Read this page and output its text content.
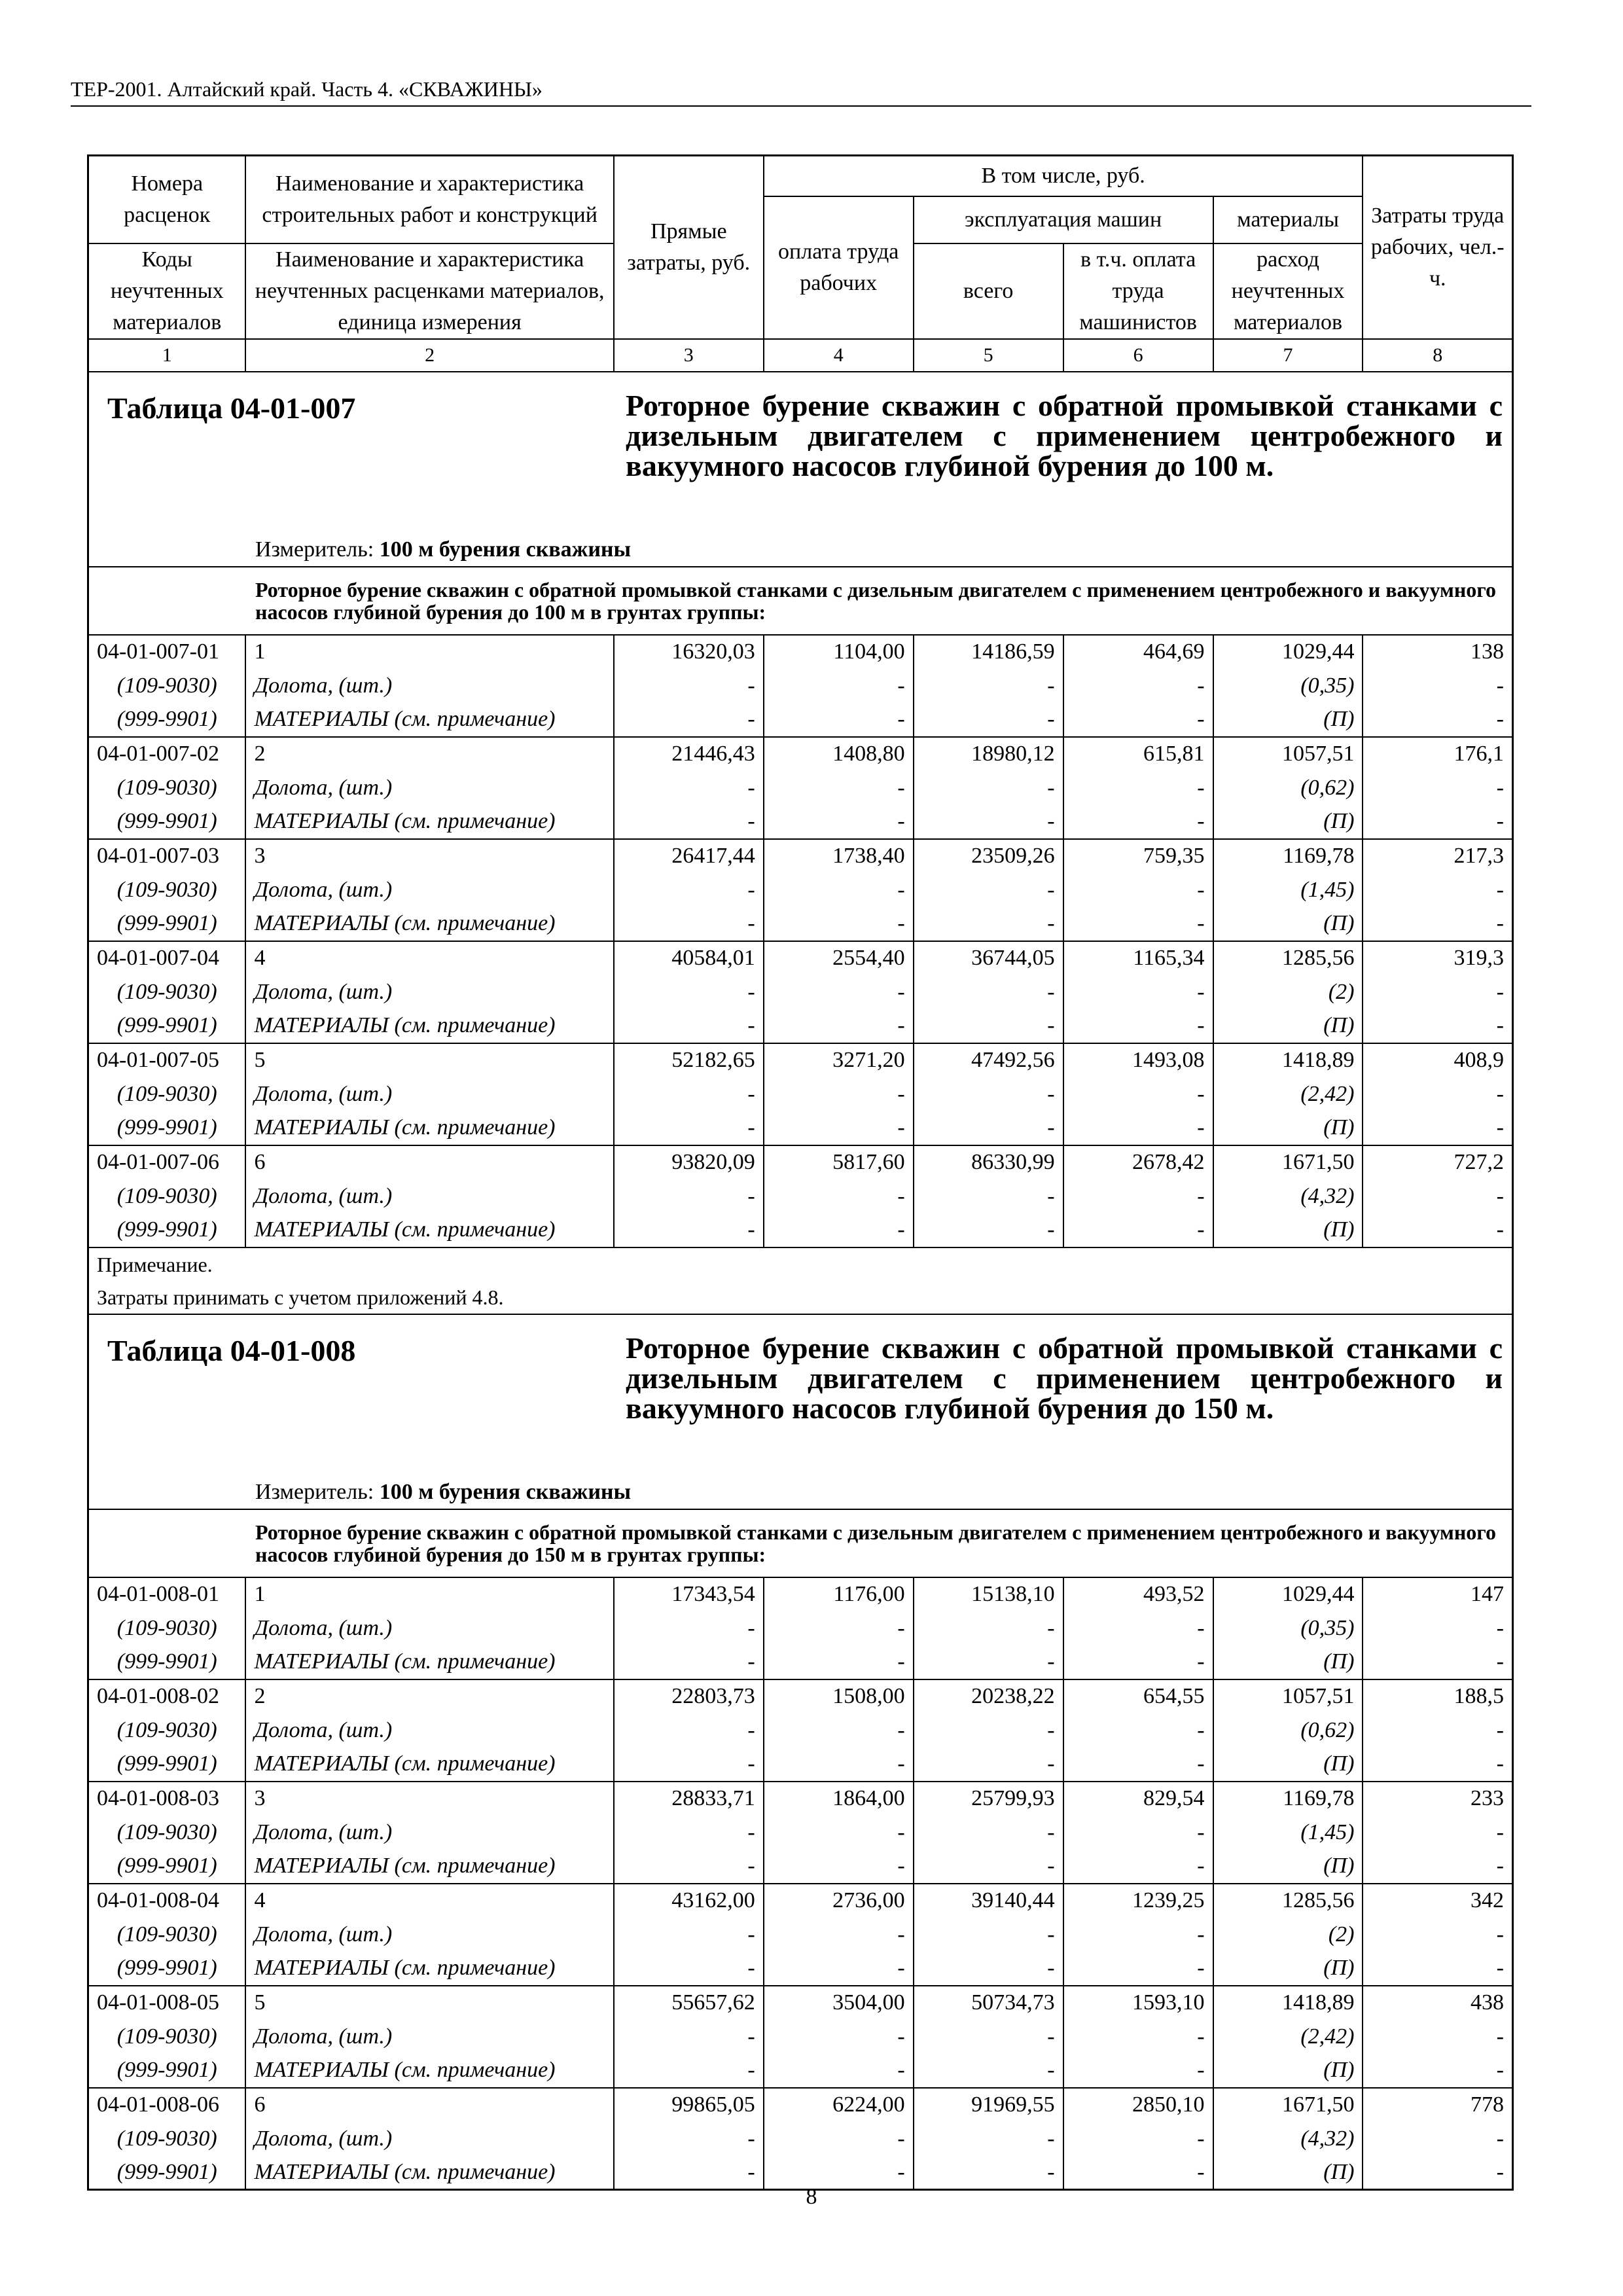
ТЕР-2001. Алтайский край. Часть 4. «СКВАЖИНЫ»
Номера расценок	Наименование и характеристика строительных работ и конструкций	Прямые затраты, руб.	В том числе, руб.				Затраты труда рабочих, чел.-ч.
			оплата труда рабочих	эксплуатация машин		материалы	
Коды неучтенных материалов	Наименование и характеристика неучтенных расценками материалов, единица измерения			всего	в т.ч. оплата труда машинистов	расход неучтенных материалов	

1	2	3	4	5	6	7	8

Таблица 04-01-007 Роторное бурение скважин с обратной промывкой станками с дизельным двигателем с применением центробежного и вакуумного насосов глубиной бурения до 100 м.
Измеритель: 100 м бурения скважины							

Роторное бурение скважин с обратной промывкой станками с дизельным двигателем с применением центробежного и вакуумного насосов глубиной бурения до 100 м в грунтах группы:							
04-01-007-01	1	16320,03	1104,00	14186,59	464,69	1029,44	138
(109-9030)	Долота, (шт.)	-	-	-	-	(0,35)	-
(999-9901)	МАТЕРИАЛЫ (см. примечание)	-	-	-	-	(П)	-
04-01-007-02	2	21446,43	1408,80	18980,12	615,81	1057,51	176,1
(109-9030)	Долота, (шт.)	-	-	-	-	(0,62)	-
(999-9901)	МАТЕРИАЛЫ (см. примечание)	-	-	-	-	(П)	-
04-01-007-03	3	26417,44	1738,40	23509,26	759,35	1169,78	217,3
(109-9030)	Долота, (шт.)	-	-	-	-	(1,45)	-
(999-9901)	МАТЕРИАЛЫ (см. примечание)	-	-	-	-	(П)	-
04-01-007-04	4	40584,01	2554,40	36744,05	1165,34	1285,56	319,3
(109-9030)	Долота, (шт.)	-	-	-	-	(2)	-
(999-9901)	МАТЕРИАЛЫ (см. примечание)	-	-	-	-	(П)	-
04-01-007-05	5	52182,65	3271,20	47492,56	1493,08	1418,89	408,9
(109-9030)	Долота, (шт.)	-	-	-	-	(2,42)	-
(999-9901)	МАТЕРИАЛЫ (см. примечание)	-	-	-	-	(П)	-
04-01-007-06	6	93820,09	5817,60	86330,99	2678,42	1671,50	727,2
(109-9030)	Долота, (шт.)	-	-	-	-	(4,32)	-
(999-9901)	МАТЕРИАЛЫ (см. примечание)	-	-	-	-	(П)	-

Примечание.
Затраты принимать с учетом приложений 4.8.							

Таблица 04-01-008 Роторное бурение скважин с обратной промывкой станками с дизельным двигателем с применением центробежного и вакуумного насосов глубиной бурения до 150 м.
Измеритель: 100 м бурения скважины							

Роторное бурение скважин с обратной промывкой станками с дизельным двигателем с применением центробежного и вакуумного насосов глубиной бурения до 150 м в грунтах группы:							
04-01-008-01	1	17343,54	1176,00	15138,10	493,52	1029,44	147
(109-9030)	Долота, (шт.)	-	-	-	-	(0,35)	-
(999-9901)	МАТЕРИАЛЫ (см. примечание)	-	-	-	-	(П)	-
04-01-008-02	2	22803,73	1508,00	20238,22	654,55	1057,51	188,5
(109-9030)	Долота, (шт.)	-	-	-	-	(0,62)	-
(999-9901)	МАТЕРИАЛЫ (см. примечание)	-	-	-	-	(П)	-
04-01-008-03	3	28833,71	1864,00	25799,93	829,54	1169,78	233
(109-9030)	Долота, (шт.)	-	-	-	-	(1,45)	-
(999-9901)	МАТЕРИАЛЫ (см. примечание)	-	-	-	-	(П)	-
04-01-008-04	4	43162,00	2736,00	39140,44	1239,25	1285,56	342
(109-9030)	Долота, (шт.)	-	-	-	-	(2)	-
(999-9901)	МАТЕРИАЛЫ (см. примечание)	-	-	-	-	(П)	-
04-01-008-05	5	55657,62	3504,00	50734,73	1593,10	1418,89	438
(109-9030)	Долота, (шт.)	-	-	-	-	(2,42)	-
(999-9901)	МАТЕРИАЛЫ (см. примечание)	-	-	-	-	(П)	-
04-01-008-06	6	99865,05	6224,00	91969,55	2850,10	1671,50	778
(109-9030)	Долота, (шт.)	-	-	-	-	(4,32)	-
(999-9901)	МАТЕРИАЛЫ (см. примечание)	-	-	-	-	(П)	-
8
